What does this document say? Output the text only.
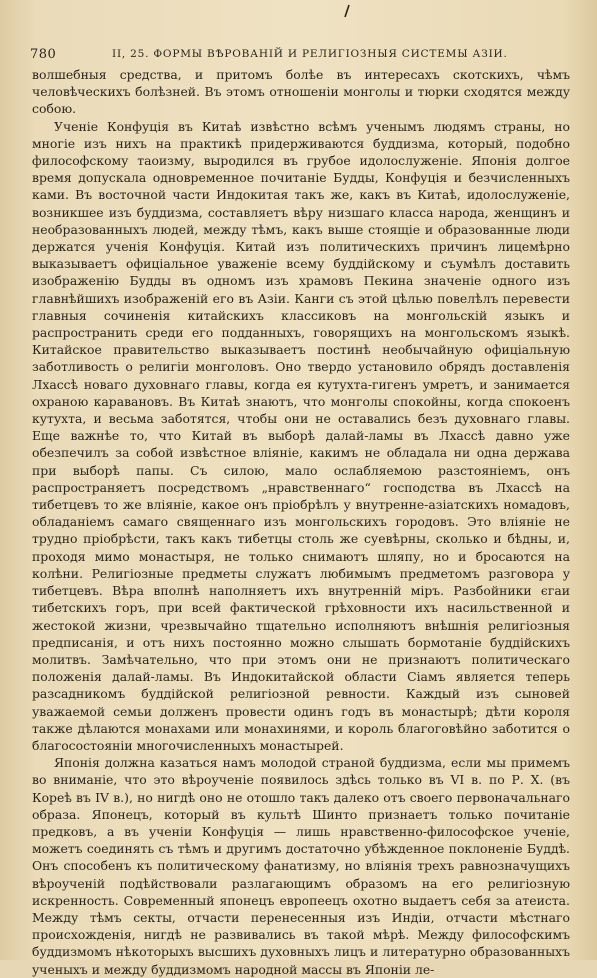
780	II, 25. ФОРМЫ ВѢРОВАНІЙ И РЕЛИГІОЗНЫЯ СИСТЕМЫ АЗІИ.

волшебныя средства, и притомъ болѣе въ интересахъ скотскихъ, чѣмъ человѣческихъ болѣзней. Въ этомъ отношеніи монголы и тюрки сходятся между собою.

Ученіе Конфуція въ Китаѣ извѣстно всѣмъ ученымъ людямъ страны, но многіе изъ нихъ на практикѣ придерживаются буддизма, который, подобно философскому таоизму, выродился въ грубое идолослуженіе. Японія долгое время допускала одновременное почитаніе Будды, Конфуція и безчисленныхъ ками. Въ восточной части Индокитая такъ же, какъ въ Китаѣ, идолослуженіе, возникшее изъ буддизма, составляетъ вѣру низшаго класса народа, женщинъ и необразованныхъ людей, между тѣмъ, какъ выше стоящіе и образованные люди держатся ученія Конфуція. Китай изъ политическихъ причинъ лицемѣрно выказываетъ офиціальное уваженіе всему буддійскому и съумѣлъ доставить изображенію Будды въ одномъ изъ храмовъ Пекина значеніе одного изъ главнѣйшихъ изображеній его въ Азіи. Канги съ этой цѣлью повелѣлъ перевести главныя сочиненія китайскихъ классиковъ на монгольскій языкъ и распространить среди его подданныхъ, говорящихъ на монгольскомъ языкѣ. Китайское правительство выказываетъ постинѣ необычайную офиціальную заботливость о религіи монголовъ. Оно твердо установило обрядъ доставленія Лхассѣ новаго духовнаго главы, когда ея кутухта-гигенъ умретъ, и занимается охраною каравановъ. Въ Китаѣ знаютъ, что монголы спокойны, когда спокоенъ кутухта, и весьма заботятся, чтобы они не оставались безъ духовнаго главы. Еще важнѣе то, что Китай въ выборѣ далай-ламы въ Лхассѣ давно уже обезпечилъ за собой извѣстное вліяніе, какимъ не обладала ни одна держава при выборѣ папы. Съ силою, мало ослабляемою разстояніемъ, онъ распространяетъ посредствомъ „нравственнаго“ господства въ Лхассѣ на тибетцевъ то же вліяніе, какое онъ пріобрѣлъ у внутренне-азіатскихъ номадовъ, обладаніемъ самаго священнаго изъ монгольскихъ городовъ. Это вліяніе не трудно пріобрѣсти, такъ какъ тибетцы столь же суевѣрны, сколько и бѣдны, и, проходя мимо монастыря, не только снимаютъ шляпу, но и бросаются на колѣни. Религіозные предметы служатъ любимымъ предметомъ разговора у тибетцевъ. Вѣра вполнѣ наполняетъ ихъ внутренній міръ. Разбойники єгаи тибетскихъ горъ, при всей фактической грѣховности ихъ насильственной и жестокой жизни, чрезвычайно тщательно исполняютъ внѣшнія религіозныя предписанія, и отъ нихъ постоянно можно слышать бормотаніе буддійскихъ молитвъ. Замѣчательно, что при этомъ они не признаютъ политическаго положенія далай-ламы. Въ Индокитайской области Сіамъ является теперь разсадникомъ буддійской религіозной ревности. Каждый изъ сыновей уважаемой семьи долженъ провести одинъ годъ въ монастырѣ; дѣти короля также дѣлаются монахами или монахинями, и король благоговѣйно заботится о благосостояніи многочисленныхъ монастырей.

Японія должна казаться намъ молодой страной буддизма, если мы примемъ во вниманіе, что это вѣроученіе появилось здѣсь только въ VI в. по Р. X. (въ Кореѣ въ IV в.), но нигдѣ оно не отошло такъ далеко отъ своего первоначальнаго образа. Японецъ, который въ культѣ Шинто признаетъ только почитаніе предковъ, а въ ученіи Конфуція — лишь нравственно-философское ученіе, можетъ соединять съ тѣмъ и другимъ достаточно убѣжденное поклоненіе Буддѣ. Онъ способенъ къ политическому фанатизму, но вліянія трехъ равнозначущихъ вѣроученій подѣйствовали разлагающимъ образомъ на его религіозную искренность. Современный японецъ европеецъ охотно выдаетъ себя за атеиста. Между тѣмъ секты, отчасти перенесенныя изъ Индіи, отчасти мѣстнаго происхожденія, нигдѣ не развивались въ такой мѣрѣ. Между философскимъ буддизмомъ нѣкоторыхъ высшихъ духовныхъ лицъ и литературно образованныхъ ученыхъ и между буддизмомъ народной массы въ Японіи ле-
